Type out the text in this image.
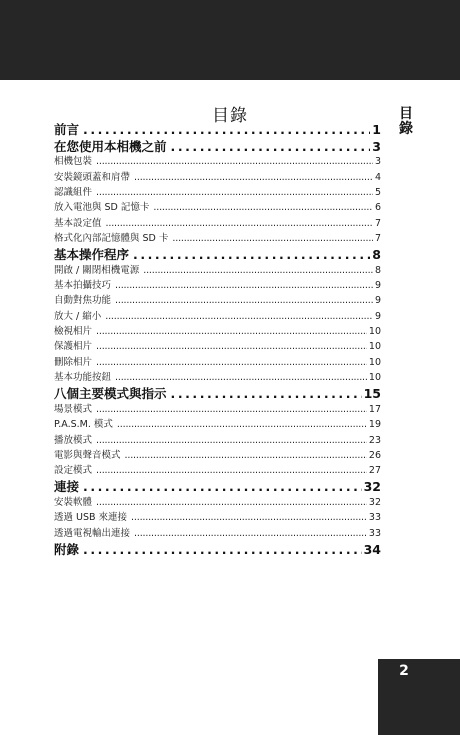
目錄	目錄
前言 . . .	1
在您使用本相機之前 . . .	3
相機包裝 . . .	3
安裝鏡頭蓋和肩帶 . . .	4
認識組件 . . .	5
放入電池與 SD 記憶卡 . . .	6
基本設定值 . . .	7
格式化內部記憶體與 SD 卡 . . .	7
基本操作程序 . . .	8
開啟 / 關閉相機電源 . . .	8
基本拍攝技巧 . . .	9
自動對焦功能 . . .	9
放大 / 縮小 . . .	9
檢視相片 . . .	10
保護相片 . . .	10
刪除相片 . . .	10
基本功能按鈕 . . .	10
八個主要模式與指示 . . .	15
場景模式 . . .	17
P.A.S.M. 模式 . . .	19
播放模式 . . .	23
電影與聲音模式 . . .	26
設定模式 . . .	27
連接 . . .	32
安裝軟體 . . .	32
透過 USB 來連接 . . .	33
透過電視輸出連接 . . .	33
附錄 . . .	34
2
